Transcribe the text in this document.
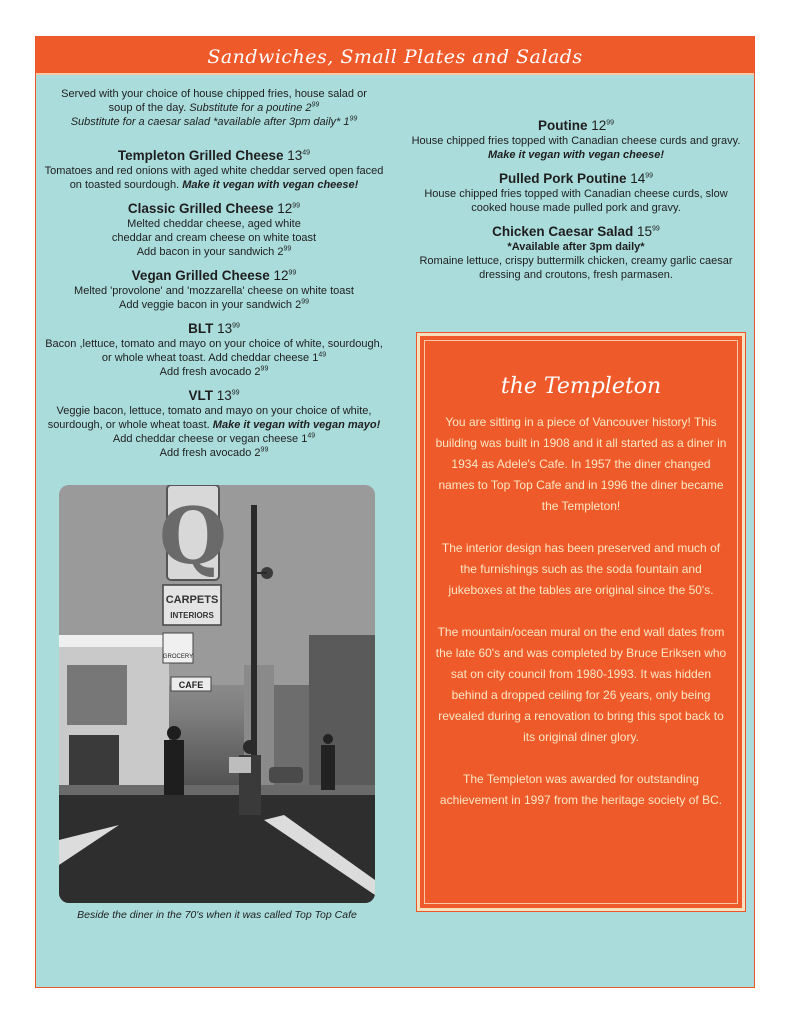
Sandwiches, Small Plates and Salads

Served with your choice of house chipped fries, house salad or

soup of the day. Substitute for a poutine $2^{99}$

Substitute for a caesar salad *available after 3pm daily* $1^{99}$

Templeton Grilled Cheese $13^{49}$

Tomatoes and red onions with aged white cheddar served open faced on toasted sourdough. Make it vegan with vegan cheese!

Classic Grilled Cheese $12^{99}$

Melted cheddar cheese, aged white

cheddar and cream cheese on white toast

Add bacon in your sandwich $2^{99}$

Vegan Grilled Cheese $12^{99}$

Melted 'provolone' and 'mozzarella' cheese on white toast

Add veggie bacon in your sandwich $2^{99}$

BLT $13^{99}$

Bacon ,lettuce, tomato and mayo on your choice of white, sourdough, or whole wheat toast. Add cheddar cheese $1^{49}$

Add fresh avocado $2^{99}$

VLT $13^{99}$

Veggie bacon, lettuce, tomato and mayo on your choice of white,

sourdough, or whole wheat toast. Make it vegan with vegan mayo!

Add cheddar cheese or vegan cheese $1^{49}$

Add fresh avocado $2^{99}$

Poutine $12^{99}$

House chipped fries topped with Canadian cheese curds and gravy.

Make it vegan with vegan cheese!

Pulled Pork Poutine $14^{99}$

House chipped fries topped with Canadian cheese curds, slow cooked house made pulled pork and gravy.

Chicken Caesar Salad $15^{99}$

*Available after 3pm daily*

Romaine lettuce, crispy buttermilk chicken, creamy garlic caesar dressing and croutons, fresh parmasen.

Q
CARPETS
INTERIORS
GROCERY
CAFE
Beside the diner in the 70's when it was called Top Top Cafe
the Templeton

You are sitting in a piece of Vancouver history! This building was built in 1908 and it all started as a diner in 1934 as Adele's Cafe. In 1957 the diner changed names to Top Top Cafe and in 1996 the diner became the Templeton!

The interior design has been preserved and much of the furnishings such as the soda fountain and jukeboxes at the tables are original since the 50's.

The mountain/ocean mural on the end wall dates from the late 60's and was completed by Bruce Eriksen who sat on city council from 1980-1993. It was hidden behind a dropped ceiling for 26 years, only being revealed during a renovation to bring this spot back to its original diner glory.

The Templeton was awarded for outstanding achievement in 1997 from the heritage society of BC.
